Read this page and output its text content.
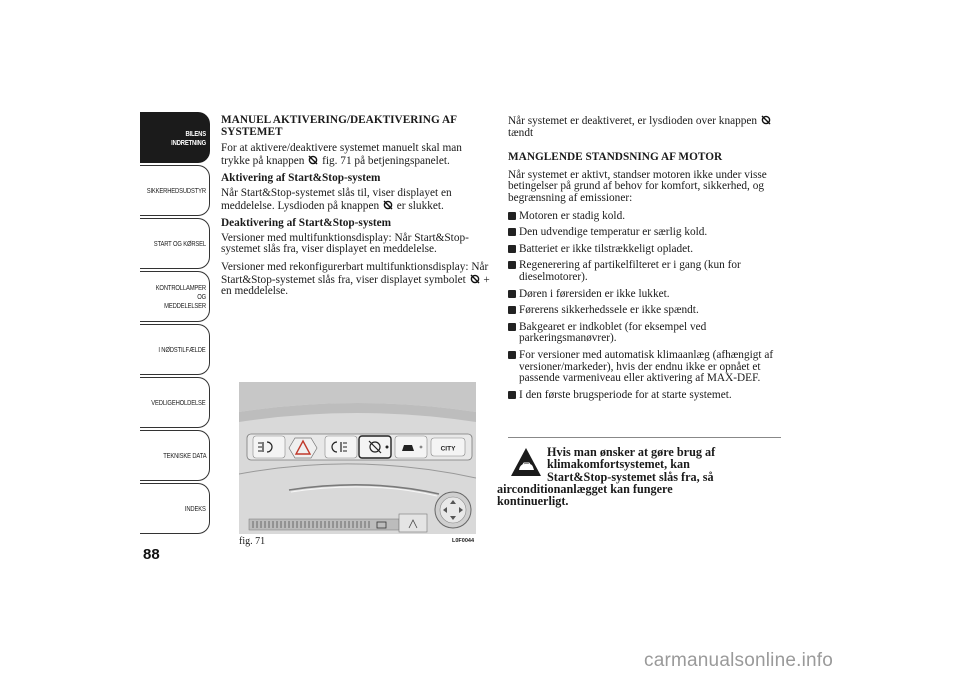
BILENS INDRETNING
SIKKERHEDSUDSTYR
START OG KØRSEL
KONTROLLAMPER OG MEDDELELSER
I NØDSTILFÆLDE
VEDLIGEHOLDELSE
TEKNISKE DATA
INDEKS
88

MANUEL AKTIVERING/DEAKTIVERING AF SYSTEMET

For at aktivere/deaktivere systemet manuelt skal man trykke på knappen fig. 71 på betjeningspanelet.

Aktivering af Start&Stop-system

Når Start&Stop-systemet slås til, viser displayet en meddelelse. Lysdioden på knappen er slukket.

Deaktivering af Start&Stop-system

Versioner med multifunktionsdisplay: Når Start&Stop-systemet slås fra, viser displayet en meddelelse.

Versioner med rekonfigurerbart multifunktionsdisplay: Når Start&Stop-systemet slås fra, viser displayet symbolet + en meddelelse.

CITY
fig. 71	L0F0044

Når systemet er deaktiveret, er lysdioden over knappen  tændt

MANGLENDE STANDSNING AF MOTOR

Når systemet er aktivt, standser motoren ikke under visse betingelser på grund af behov for komfort, sikkerhed, og begrænsning af emissioner:

Motoren er stadig kold.
Den udvendige temperatur er særlig kold.
Batteriet er ikke tilstrækkeligt opladet.
Regenerering af partikelfilteret er i gang (kun for dieselmotorer).
Døren i førersiden er ikke lukket.
Førerens sikkerhedssele er ikke spændt.
Bakgearet er indkoblet (for eksempel ved parkeringsmanøvrer).
For versioner med automatisk klimaanlæg (afhængigt af versioner/markeder), hvis der endnu ikke er opnået et passende varmeniveau eller aktivering af MAX-DEF.
I den første brugsperiode for at starte systemet.
Hvis man ønsker at gøre brug af
klimakomfortsystemet, kan
Start&Stop-systemet slås fra, så
airconditionanlægget kan fungere
kontinuerligt.
carmanualsonline.info
